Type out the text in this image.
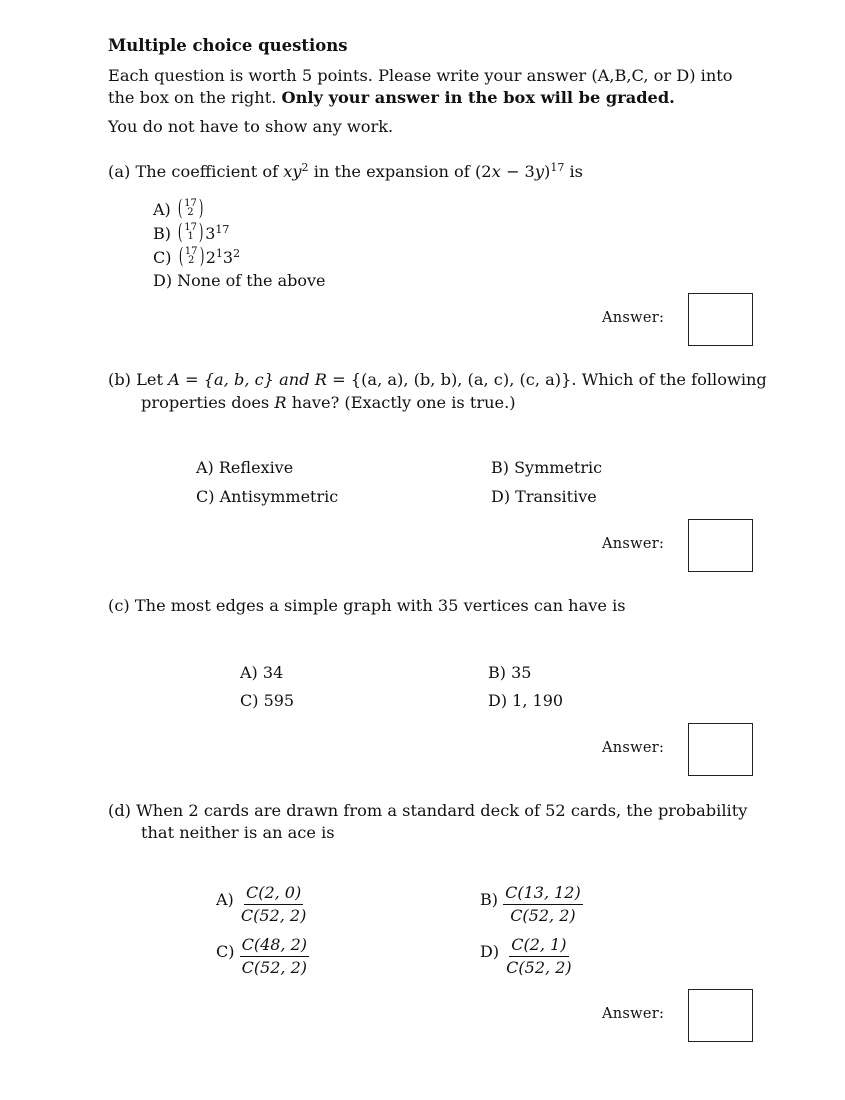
Multiple choice questions
Each question is worth 5 points. Please write your answer (A,B,C, or D) into
the box on the right. Only your answer in the box will be graded.
You do not have to show any work.
(a) The coefficient of $xy^2$ in the expansion of $(2x - 3y)^{17}$ is
A) ( 17
2 )
B) ( 17
1 ) $3^{17}$
C) ( 17
2 ) $2^13^2$
D) None of the above
Answer:
(b) Let A = {a, b, c} and R = {(a, a), (b, b), (a, c), (c, a)}. Which of the following
properties does R have? (Exactly one is true.)
A) Reflexive	B) Symmetric
C) Antisymmetric	D) Transitive
Answer:
(c) The most edges a simple graph with 35 vertices can have is
A) 34	B) 35
C) 595	D) 1, 190
Answer:
(d) When 2 cards are drawn from a standard deck of 52 cards, the probability
that neither is an ace is
$A) \frac{C(2, 0)}{C(52, 2)}$	$B) \frac{C(13, 12)}{C(52, 2)}$
$C) \frac{C(48, 2)}{C(52, 2)}$	$D) \frac{C(2, 1)}{C(52, 2)}$
Answer:
